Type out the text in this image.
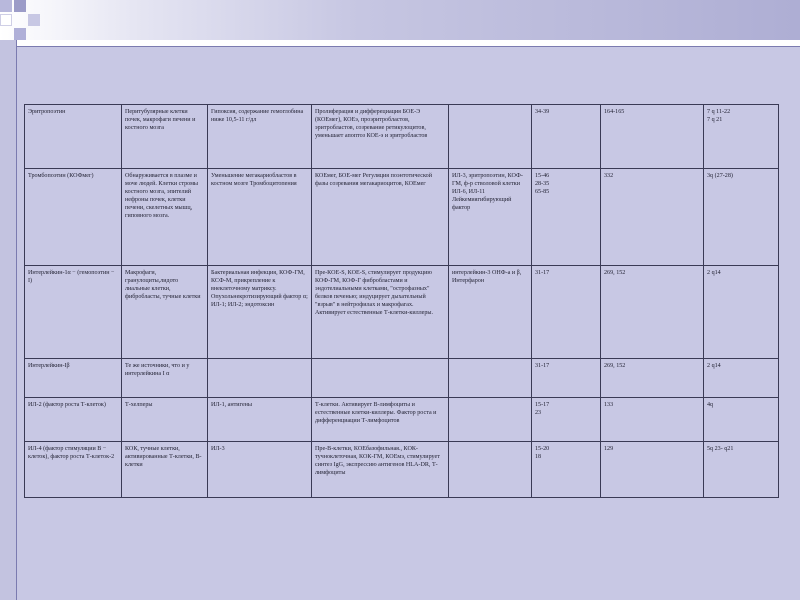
Эритропоэтин	Перитубулярные клетки почек, макрофаги печени и костного мозга	Гипоксия, содержание гемоглобина ниже 10,5-11 г/дл	Пролиферация и дифферециация БОЕ-Э (КОЕмег), КОЕэ, проэритробластов, эритробластов, созревание ретикулоцитов, уменьшает апоптоз КОЕ-э и эритробластов		34-39	164-165	7 q 11-22
7 q 21
Тромбопоэтин (КОФмег)	Обнаруживается в плазме и моче людей. Клетки стромы костного мозга, эпителий нефроны почек, клетки печени, скелетных мышц, гиповного мозга.	Уменьшение мегакариобластов в костном мозге Тромбоцитопения	КОЕмег, БОЕ-мег Регуляция поэнтотической фазы созревания мегакариоцитов, КОЕмег	ИЛ-3, эритропоэтин, КОФ-ГМ, ф-р стволовой клетки ИЛ-6, ИЛ-11 Лейкемиягибирующий фактор	15-46
28-35
65-85	332	3q (27-28)
Интерлейкин-1α − (гемопоэтин − I)	Макрофаги, гранулоциты,лидото лиальные клетки, фибробласты, тучные клетки	Бактериальная инфекция, КОФ-ГМ, КСФ-М, прикрепление к внеклеточному матриксу. Опухольнекротизирующий фактор α; ИЛ-1; ИЛ-2; эндотоксин	Пре-КОЕ-S, КОЕ-S, стимулирует продукцию КОФ-ГМ, КОФ-Г фибробластами и эндотелиальными клетками, "острофазных" белков печенью; индуцирует дыхательный "взрыв" в нейтрофилах и макрофагах. Активирует естественные Т-клетки-киллеры.	интерлейкин-3 ОНФ-а и β, Интерфарон	31-17	269, 152	2 q14
Интерлейкин-Iβ	Те же источники, что и у интерлейкина I α				31-17	269, 152	2 q14
ИЛ-2 (фактор роста Т-клеток)	Т-хелперы	ИЛ-1, антигены	Т-клетки. Активирует В-лимфоциты и естественные клетки-киллеры. Фактор роста и дифференциации Т-лимфоцитов		15-17
23	133	4q
ИЛ-4 (фактор стимуляции В − клеток), фактор роста Т-клеток-2	КОК, тучные клетки, активированные Т-клетки, В-клетки	ИЛ-3	Пре-В-клетки, КОЕбазофильная., КОК-тучноклеточная, КОК-ГМ, КОЕмэ, стимулирует синтез IgG, экспрессию антигенов HLA-DR, Т-лимфоциты		15-20
18	129	5q 23- q21
